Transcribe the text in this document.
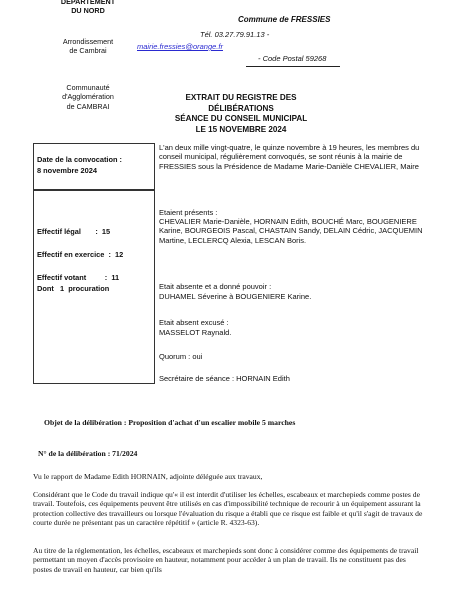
DEPARTEMENT
DU NORD
Arrondissement
de Cambrai
Communauté
d'Agglomération
de CAMBRAI
Commune de FRESSIES
Tél. 03.27.79.91.13 -
mairie.fressies@orange.fr
- Code Postal 59268
EXTRAIT DU REGISTRE DES DÉLIBÉRATIONS
SÉANCE DU CONSEIL MUNICIPAL
LE 15 NOVEMBRE 2024
Date de la convocation :
8 novembre 2024
Effectif légal       :  15
Effectif en exercice  :  12
Effectif votant         :  11
Dont   1  procuration
L'an deux mille vingt-quatre, le quinze novembre à 19 heures, les membres du conseil municipal, régulièrement convoqués, se sont réunis à la mairie de FRESSIES sous la Présidence de Madame Marie-Danièle CHEVALIER, Maire
Etaient présents :
CHEVALIER Marie-Danièle, HORNAIN Edith, BOUCHÉ Marc, BOUGENIERE Karine, BOURGEOIS Pascal, CHASTAIN Sandy, DELAIN Cédric, JACQUEMIN Martine, LECLERCQ Alexia, LESCAN Boris.
Etait absente et a donné pouvoir :
DUHAMEL Séverine à BOUGENIERE Karine.
Etait absent excusé :
MASSELOT Raynald.
Quorum : oui
Secrétaire de séance : HORNAIN Edith
Objet de la délibération : Proposition d'achat d'un escalier mobile 5 marches
N° de la délibération : 71/2024
Vu le rapport de Madame Edith HORNAIN, adjointe déléguée aux travaux,
Considérant que le Code du travail indique qu'« il est interdit d'utiliser les échelles, escabeaux et marchepieds comme postes de travail. Toutefois, ces équipements peuvent être utilisés en cas d'impossibilité technique de recourir à un équipement assurant la protection collective des travailleurs ou lorsque l'évaluation du risque a établi que ce risque est faible et qu'il s'agit de travaux de courte durée ne présentant pas un caractère répétitif » (article R. 4323-63).
Au titre de la réglementation, les échelles, escabeaux et marchepieds sont donc à considérer comme des équipements de travail permettant un moyen d'accès provisoire en hauteur, notamment pour accéder à un plan de travail. Ils ne constituent pas des postes de travail en hauteur, car bien qu'ils
